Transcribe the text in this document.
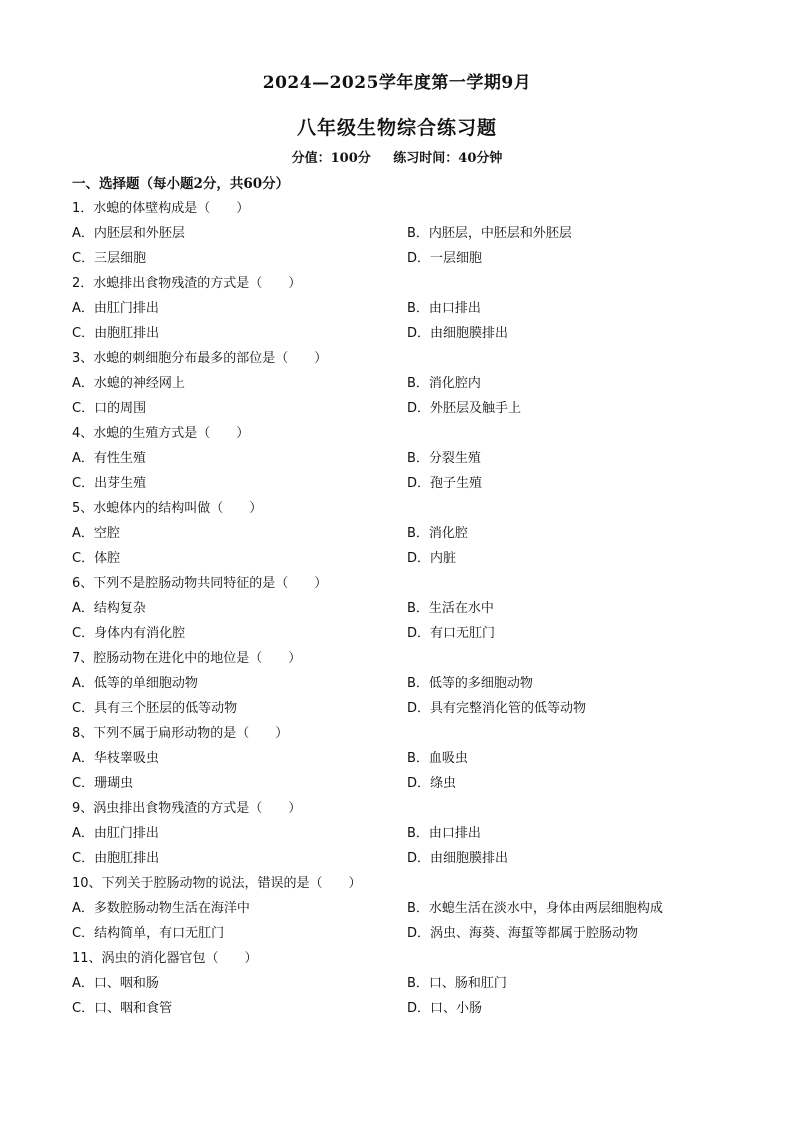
2024—2025学年度第一学期9月
八年级生物综合练习题
分值：100分 练习时间：40分钟
一、选择题（每小题2分，共60分）
1．水螅的体壁构成是（　　）
A．内胚层和外胚层	B．内胚层，中胚层和外胚层
C．三层细胞	D．一层细胞
2．水螅排出食物残渣的方式是（　　）
A．由肛门排出	B．由口排出
C．由胞肛排出	D．由细胞膜排出
3、水螅的刺细胞分布最多的部位是（　　）
A．水螅的神经网上	B．消化腔内
C．口的周围	D．外胚层及触手上
4、水螅的生殖方式是（　　）
A．有性生殖	B．分裂生殖
C．出芽生殖	D．孢子生殖
5、水螅体内的结构叫做（　　）
A．空腔	B．消化腔
C．体腔	D．内脏
6、下列不是腔肠动物共同特征的是（　　）
A．结构复杂	B．生活在水中
C．身体内有消化腔	D．有口无肛门
7、腔肠动物在进化中的地位是（　　）
A．低等的单细胞动物	B．低等的多细胞动物
C．具有三个胚层的低等动物	D．具有完整消化管的低等动物
8、下列不属于扁形动物的是（　　）
A．华枝睾吸虫	B．血吸虫
C．珊瑚虫	D．绦虫
9、涡虫排出食物残渣的方式是（　　）
A．由肛门排出	B．由口排出
C．由胞肛排出	D．由细胞膜排出
10、下列关于腔肠动物的说法，错误的是（　　）
A．多数腔肠动物生活在海洋中	B．水螅生活在淡水中，身体由两层细胞构成
C．结构简单，有口无肛门	D．涡虫、海葵、海蜇等都属于腔肠动物
11、涡虫的消化器官包（　　）
A．口、咽和肠	B．口、肠和肛门
C．口、咽和食管	D．口、小肠
